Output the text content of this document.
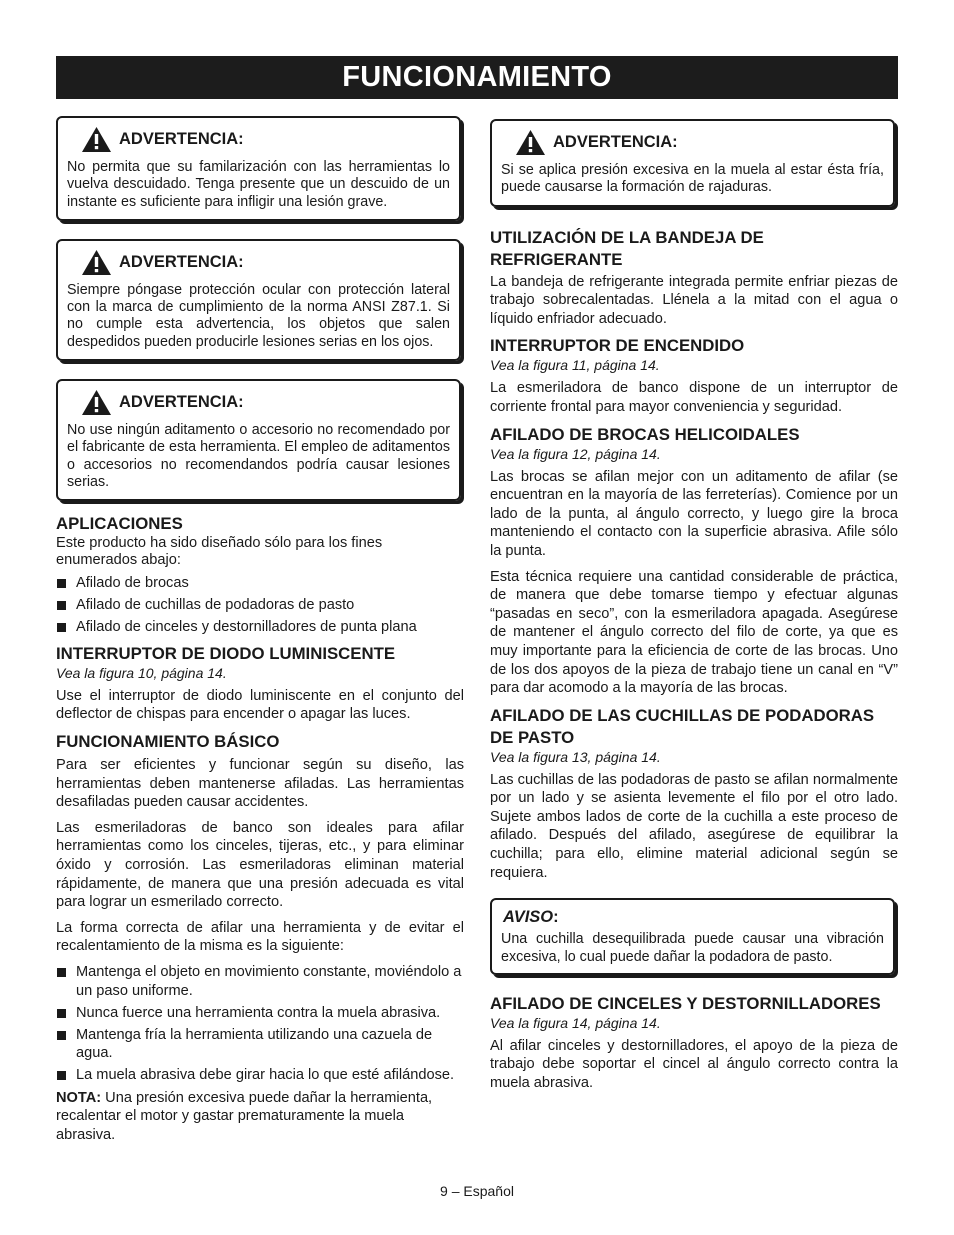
FUNCIONAMIENTO
ADVERTENCIA:

No permita que su familarización con las herramientas lo vuelva descuidado. Tenga presente que un descuido de un instante es suficiente para infligir una lesión grave.

ADVERTENCIA:

Siempre póngase protección ocular con protección lateral con la marca de cumplimiento de la norma ANSI Z87.1. Si no cumple esta advertencia, los objetos que salen despedidos pueden producirle lesiones serias en los ojos.

ADVERTENCIA:

No use ningún aditamento o accesorio no recomendado por el fabricante de esta herramienta. El empleo de aditamentos o accesorios no recomendandos podría causar lesiones serias.

APLICACIONES

Este producto ha sido diseñado sólo para los fines enumerados abajo:

Afilado de brocas
Afilado de cuchillas de podadoras de pasto
Afilado de cinceles y destornilladores de punta plana
INTERRUPTOR DE DIODO LUMINISCENTE

Vea la figura 10, página 14.

Use el interruptor de diodo luminiscente en el conjunto del deflector de chispas para encender o apagar las luces.

FUNCIONAMIENTO BÁSICO

Para ser eficientes y funcionar según su diseño, las herramientas deben mantenerse afiladas. Las herramientas desafiladas pueden causar accidentes.

Las esmeriladoras de banco son ideales para afilar herramientas como los cinceles, tijeras, etc., y para eliminar óxido y corrosión. Las esmeriladoras eliminan material rápidamente, de manera que una presión adecuada es vital para lograr un esmerilado correcto.

La forma correcta de afilar una herramienta y de evitar el recalentamiento de la misma es la siguiente:

Mantenga el objeto en movimiento constante, moviéndolo a un paso uniforme.
Nunca fuerce una herramienta contra la muela abrasiva.
Mantenga fría la herramienta utilizando una cazuela de agua.
La muela abrasiva debe girar hacia lo que esté afilándose.

NOTA: Una presión excesiva puede dañar la herramienta, recalentar el motor y gastar prematuramente la muela abrasiva.

ADVERTENCIA:

Si se aplica presión excesiva en la muela al estar ésta fría, puede causarse la formación de rajaduras.

UTILIZACIÓN DE LA BANDEJA DE REFRIGERANTE

La bandeja de refrigerante integrada permite enfriar piezas de trabajo sobrecalentadas. Llénela a la mitad con el agua o líquido enfriador adecuado.

INTERRUPTOR DE ENCENDIDO

Vea la figura 11, página 14.

La esmeriladora de banco dispone de un interruptor de corriente frontal para mayor conveniencia y seguridad.

AFILADO DE BROCAS HELICOIDALES

Vea la figura 12, página 14.

Las brocas se afilan mejor con un aditamento de afilar (se encuentran en la mayoría de las ferreterías). Comience por un lado de la punta, al ángulo correcto, y luego gire la broca manteniendo el contacto con la superficie abrasiva. Afile sólo la punta.

Esta técnica requiere una cantidad considerable de práctica, de manera que debe tomarse tiempo y efectuar algunas “pasadas en seco”, con la esmeriladora apagada. Asegúrese de mantener el ángulo correcto del filo de corte, ya que es muy importante para la eficiencia de corte de las brocas. Uno de los dos apoyos de la pieza de trabajo tiene un canal en “V” para dar acomodo a la mayoría de las brocas.

AFILADO DE LAS CUCHILLAS DE PODADORAS DE PASTO

Vea la figura 13, página 14.

Las cuchillas de las podadoras de pasto se afilan normalmente por un lado y se asienta levemente el filo por el otro lado. Sujete ambos lados de corte de la cuchilla a este proceso de afilado. Después del afilado, asegúrese de equilibrar la cuchilla; para ello, elimine material adicional según se requiera.

AVISO :

Una cuchilla desequilibrada puede causar una vibración excesiva, lo cual puede dañar la podadora de pasto.

AFILADO DE CINCELES Y DESTORNILLADORES

Vea la figura 14, página 14.

Al afilar cinceles y destornilladores, el apoyo de la pieza de trabajo debe soportar el cincel al ángulo correcto contra la muela abrasiva.

9 – Español
